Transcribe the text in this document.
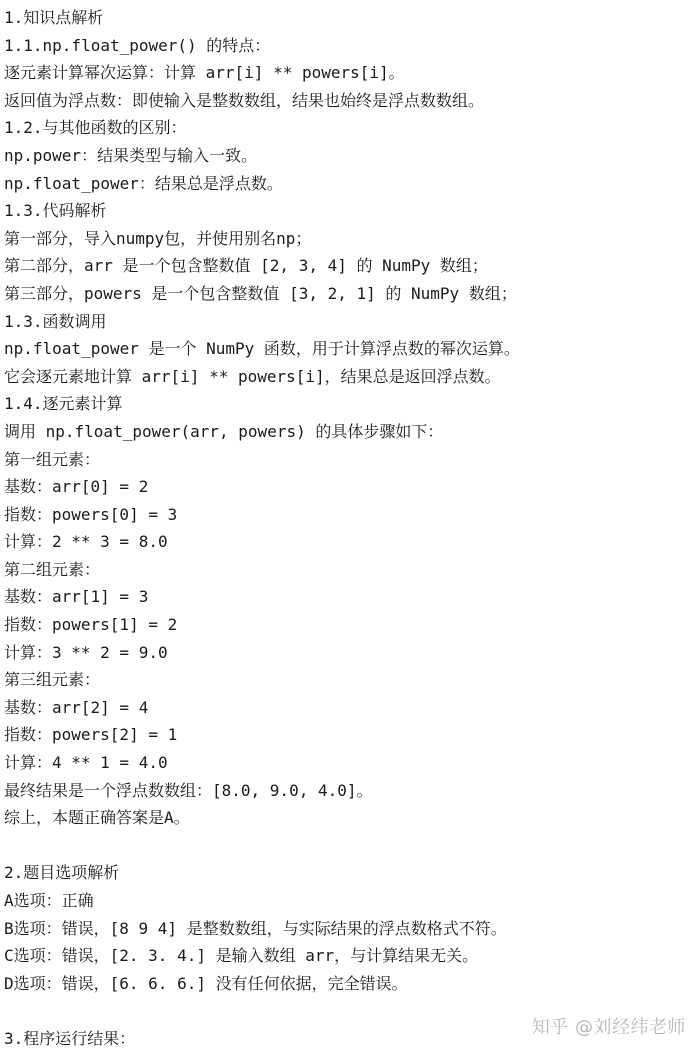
1.知识点解析
1.1.np.float_power() 的特点：
逐元素计算幂次运算：计算 arr[i] ** powers[i]。
返回值为浮点数：即使输入是整数数组，结果也始终是浮点数数组。
1.2.与其他函数的区别：
np.power：结果类型与输入一致。
np.float_power：结果总是浮点数。
1.3.代码解析
第一部分，导入numpy包，并使用别名np；
第二部分，arr 是一个包含整数值 [2, 3, 4] 的 NumPy 数组；
第三部分，powers 是一个包含整数值 [3, 2, 1] 的 NumPy 数组；
1.3.函数调用
np.float_power 是一个 NumPy 函数，用于计算浮点数的幂次运算。
它会逐元素地计算 arr[i] ** powers[i]，结果总是返回浮点数。
1.4.逐元素计算
调用 np.float_power(arr, powers) 的具体步骤如下：
第一组元素：
基数：arr[0] = 2
指数：powers[0] = 3
计算：2 ** 3 = 8.0
第二组元素：
基数：arr[1] = 3
指数：powers[1] = 2
计算：3 ** 2 = 9.0
第三组元素：
基数：arr[2] = 4
指数：powers[2] = 1
计算：4 ** 1 = 4.0
最终结果是一个浮点数数组：[8.0, 9.0, 4.0]。
综上，本题正确答案是A。
2.题目选项解析
A选项：正确
B选项：错误，[8 9 4] 是整数数组，与实际结果的浮点数格式不符。
C选项：错误，[2. 3. 4.] 是输入数组 arr，与计算结果无关。
D选项：错误，[6. 6. 6.] 没有任何依据，完全错误。
3.程序运行结果：
知乎 @刘经纬老师
